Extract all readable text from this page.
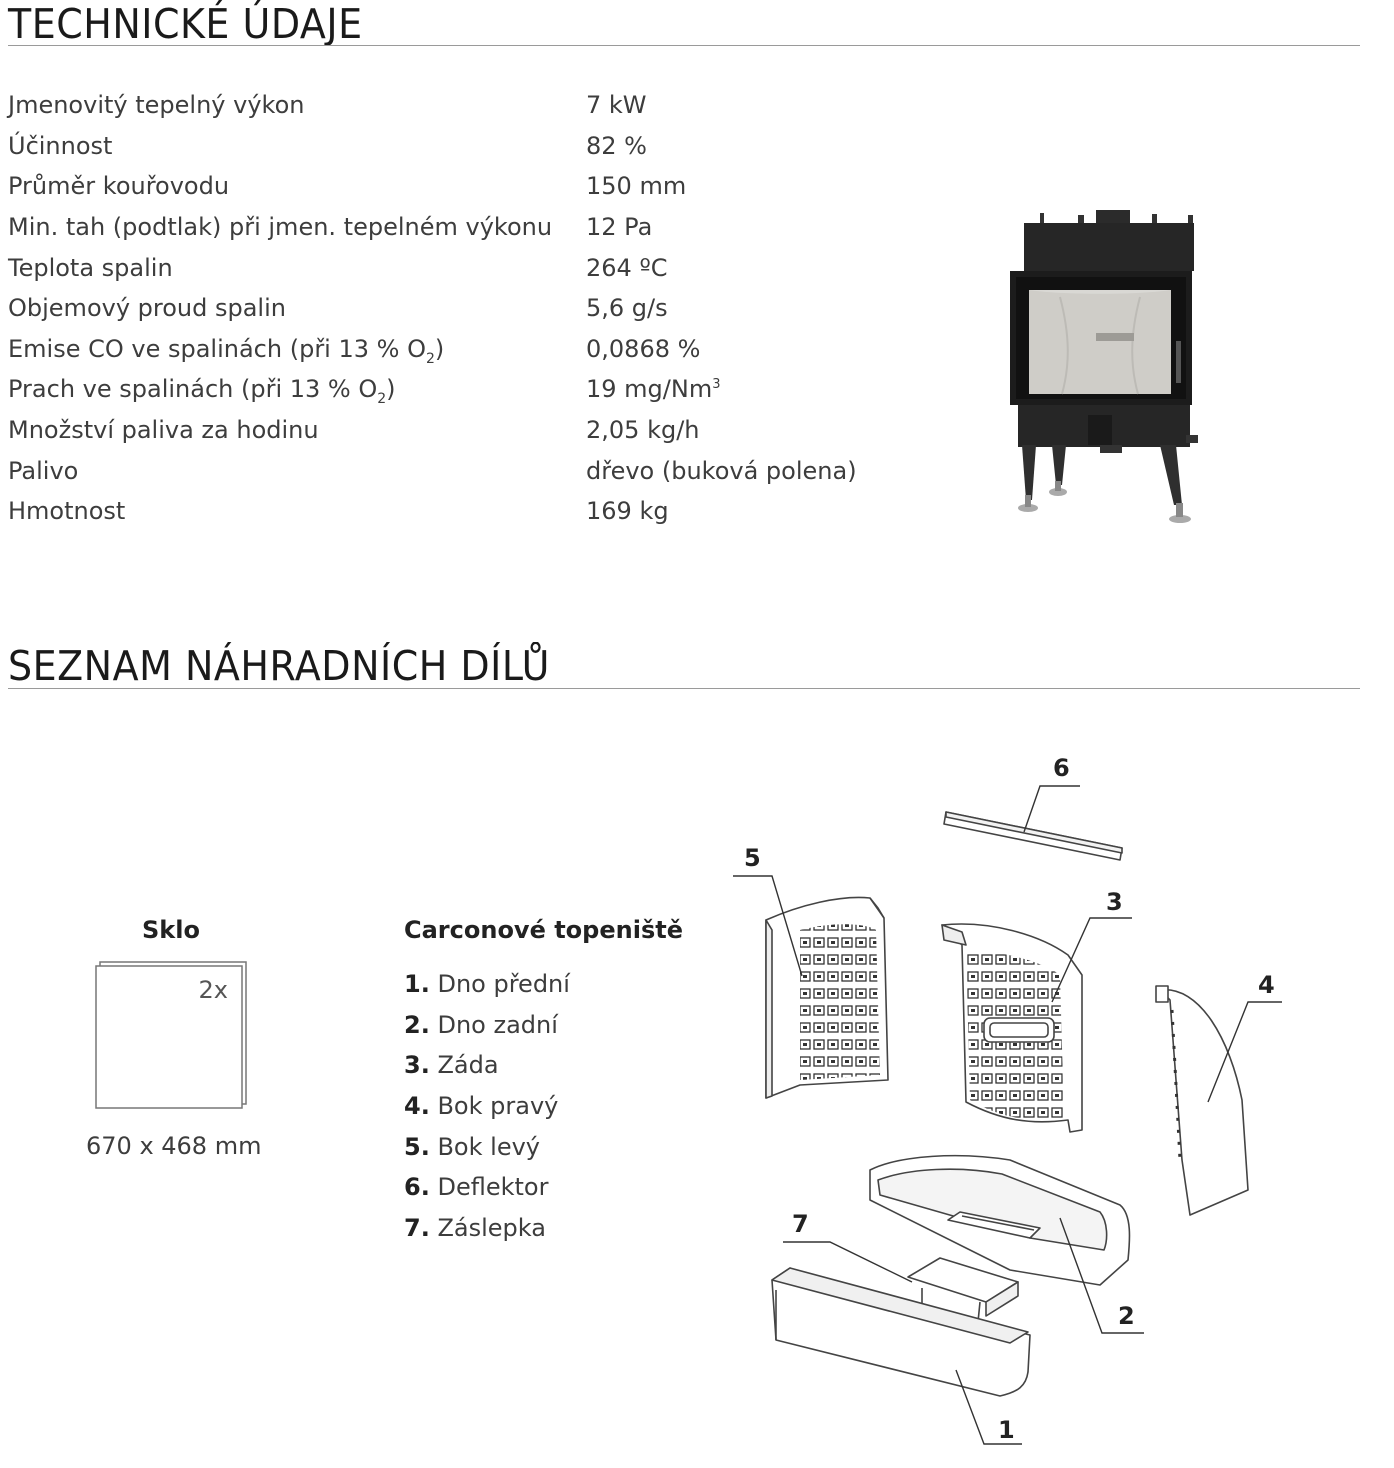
TECHNICKÉ ÚDAJE
Jmenovitý tepelný výkon	7 kW
Účinnost	82 %
Průměr kouřovodu	150 mm
Min. tah (podtlak) při jmen. tepelném výkonu 12 Pa
Teplota spalin	264 ºC
Objemový proud spalin	5,6 g/s
Emise CO ve spalinách (při 13 % $O_2$)	0,0868 %
Prach ve spalinách (při 13 % $O_2$)	19 mg/Nm$^3$
Množství paliva za hodinu	2,05 kg/h
Palivo	dřevo (buková polena)
Hmotnost	169 kg
SEZNAM NÁHRADNÍCH DÍLŮ
Sklo
2x
670 x 468 mm
Carconové topeniště
1. Dno přední
2. Dno zadní
3. Záda
4. Bok pravý
5. Bok levý
6. Deflektor
7. Záslepka
1
2
3
4
5
6
7
